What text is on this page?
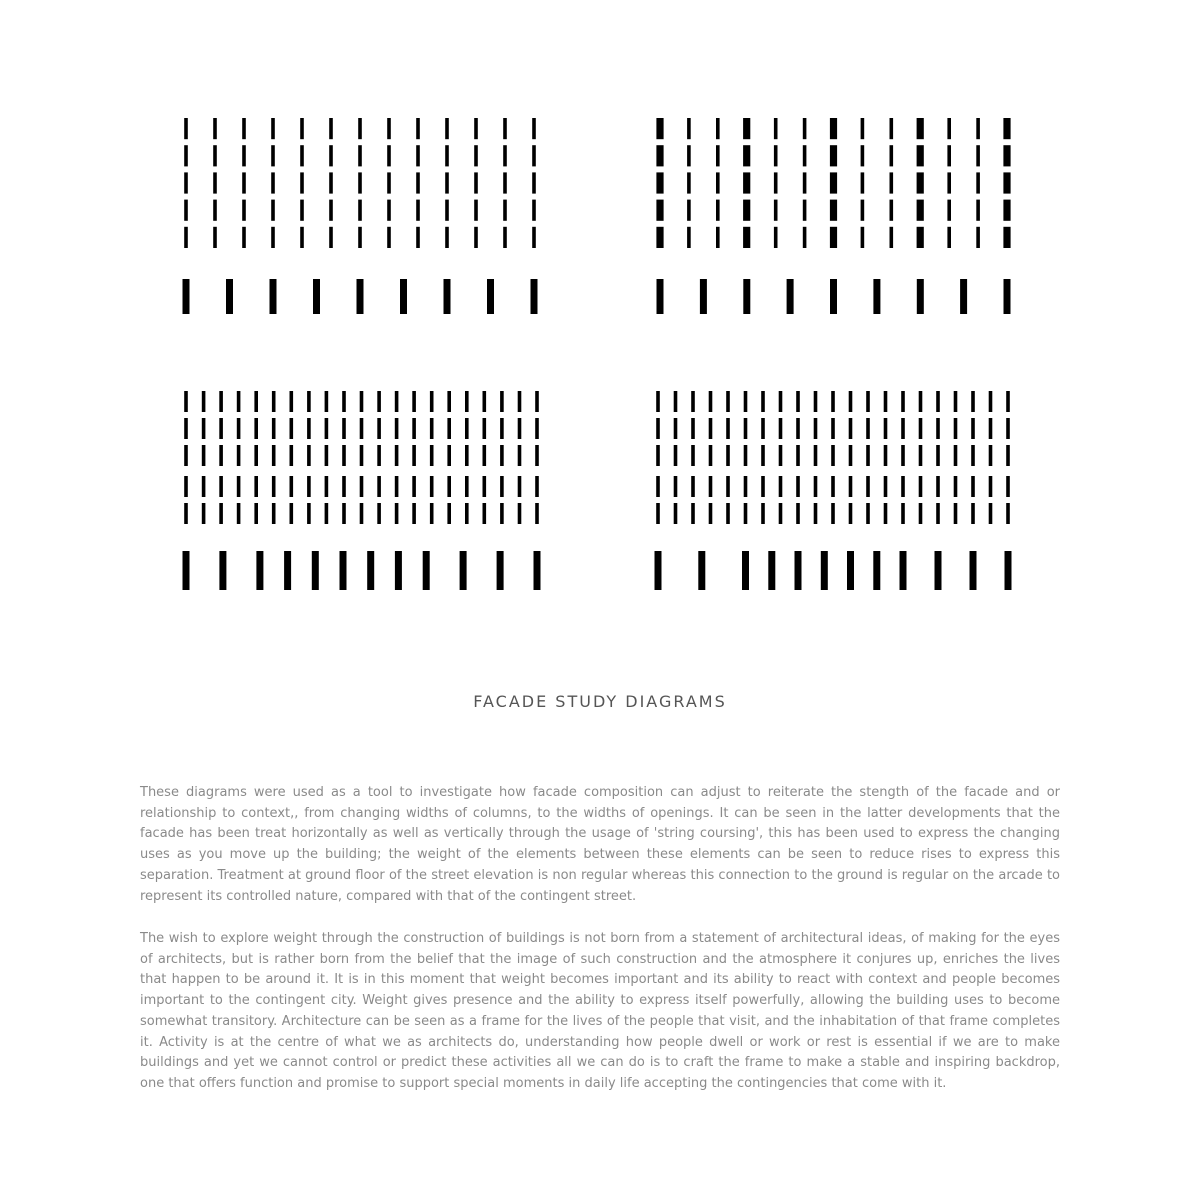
FACADE STUDY DIAGRAMS

These diagrams were used as a tool to investigate how facade composition can adjust to reiterate the stength of the facade and or relationship to context,, from changing widths of columns, to the widths of openings. It can be seen in the latter developments that the facade has been treat horizontally as well as vertically through the usage of 'string coursing', this has been used to express the changing uses as you move up the building; the weight of the elements between these elements can be seen to reduce rises to express this separation. Treatment at ground floor of the street elevation is non regular whereas this connection to the ground is regular on the arcade to represent its controlled nature, compared with that of the contingent street.

The wish to explore weight through the construction of buildings is not born from a statement of architectural ideas, of making for the eyes of architects, but is rather born from the belief that the image of such construction and the atmosphere it conjures up, enriches the lives that happen to be around it. It is in this moment that weight becomes important and its ability to react with context and people becomes important to the contingent city. Weight gives presence and the ability to express itself powerfully, allowing the building uses to become somewhat transitory. Architecture can be seen as a frame for the lives of the people that visit, and the inhabitation of that frame completes it. Activity is at the centre of what we as architects do, understanding how people dwell or work or rest is essential if we are to make buildings and yet we cannot control or predict these activities all we can do is to craft the frame to make a stable and inspiring backdrop, one that offers function and promise to support special moments in daily life accepting the contingencies that come with it.
